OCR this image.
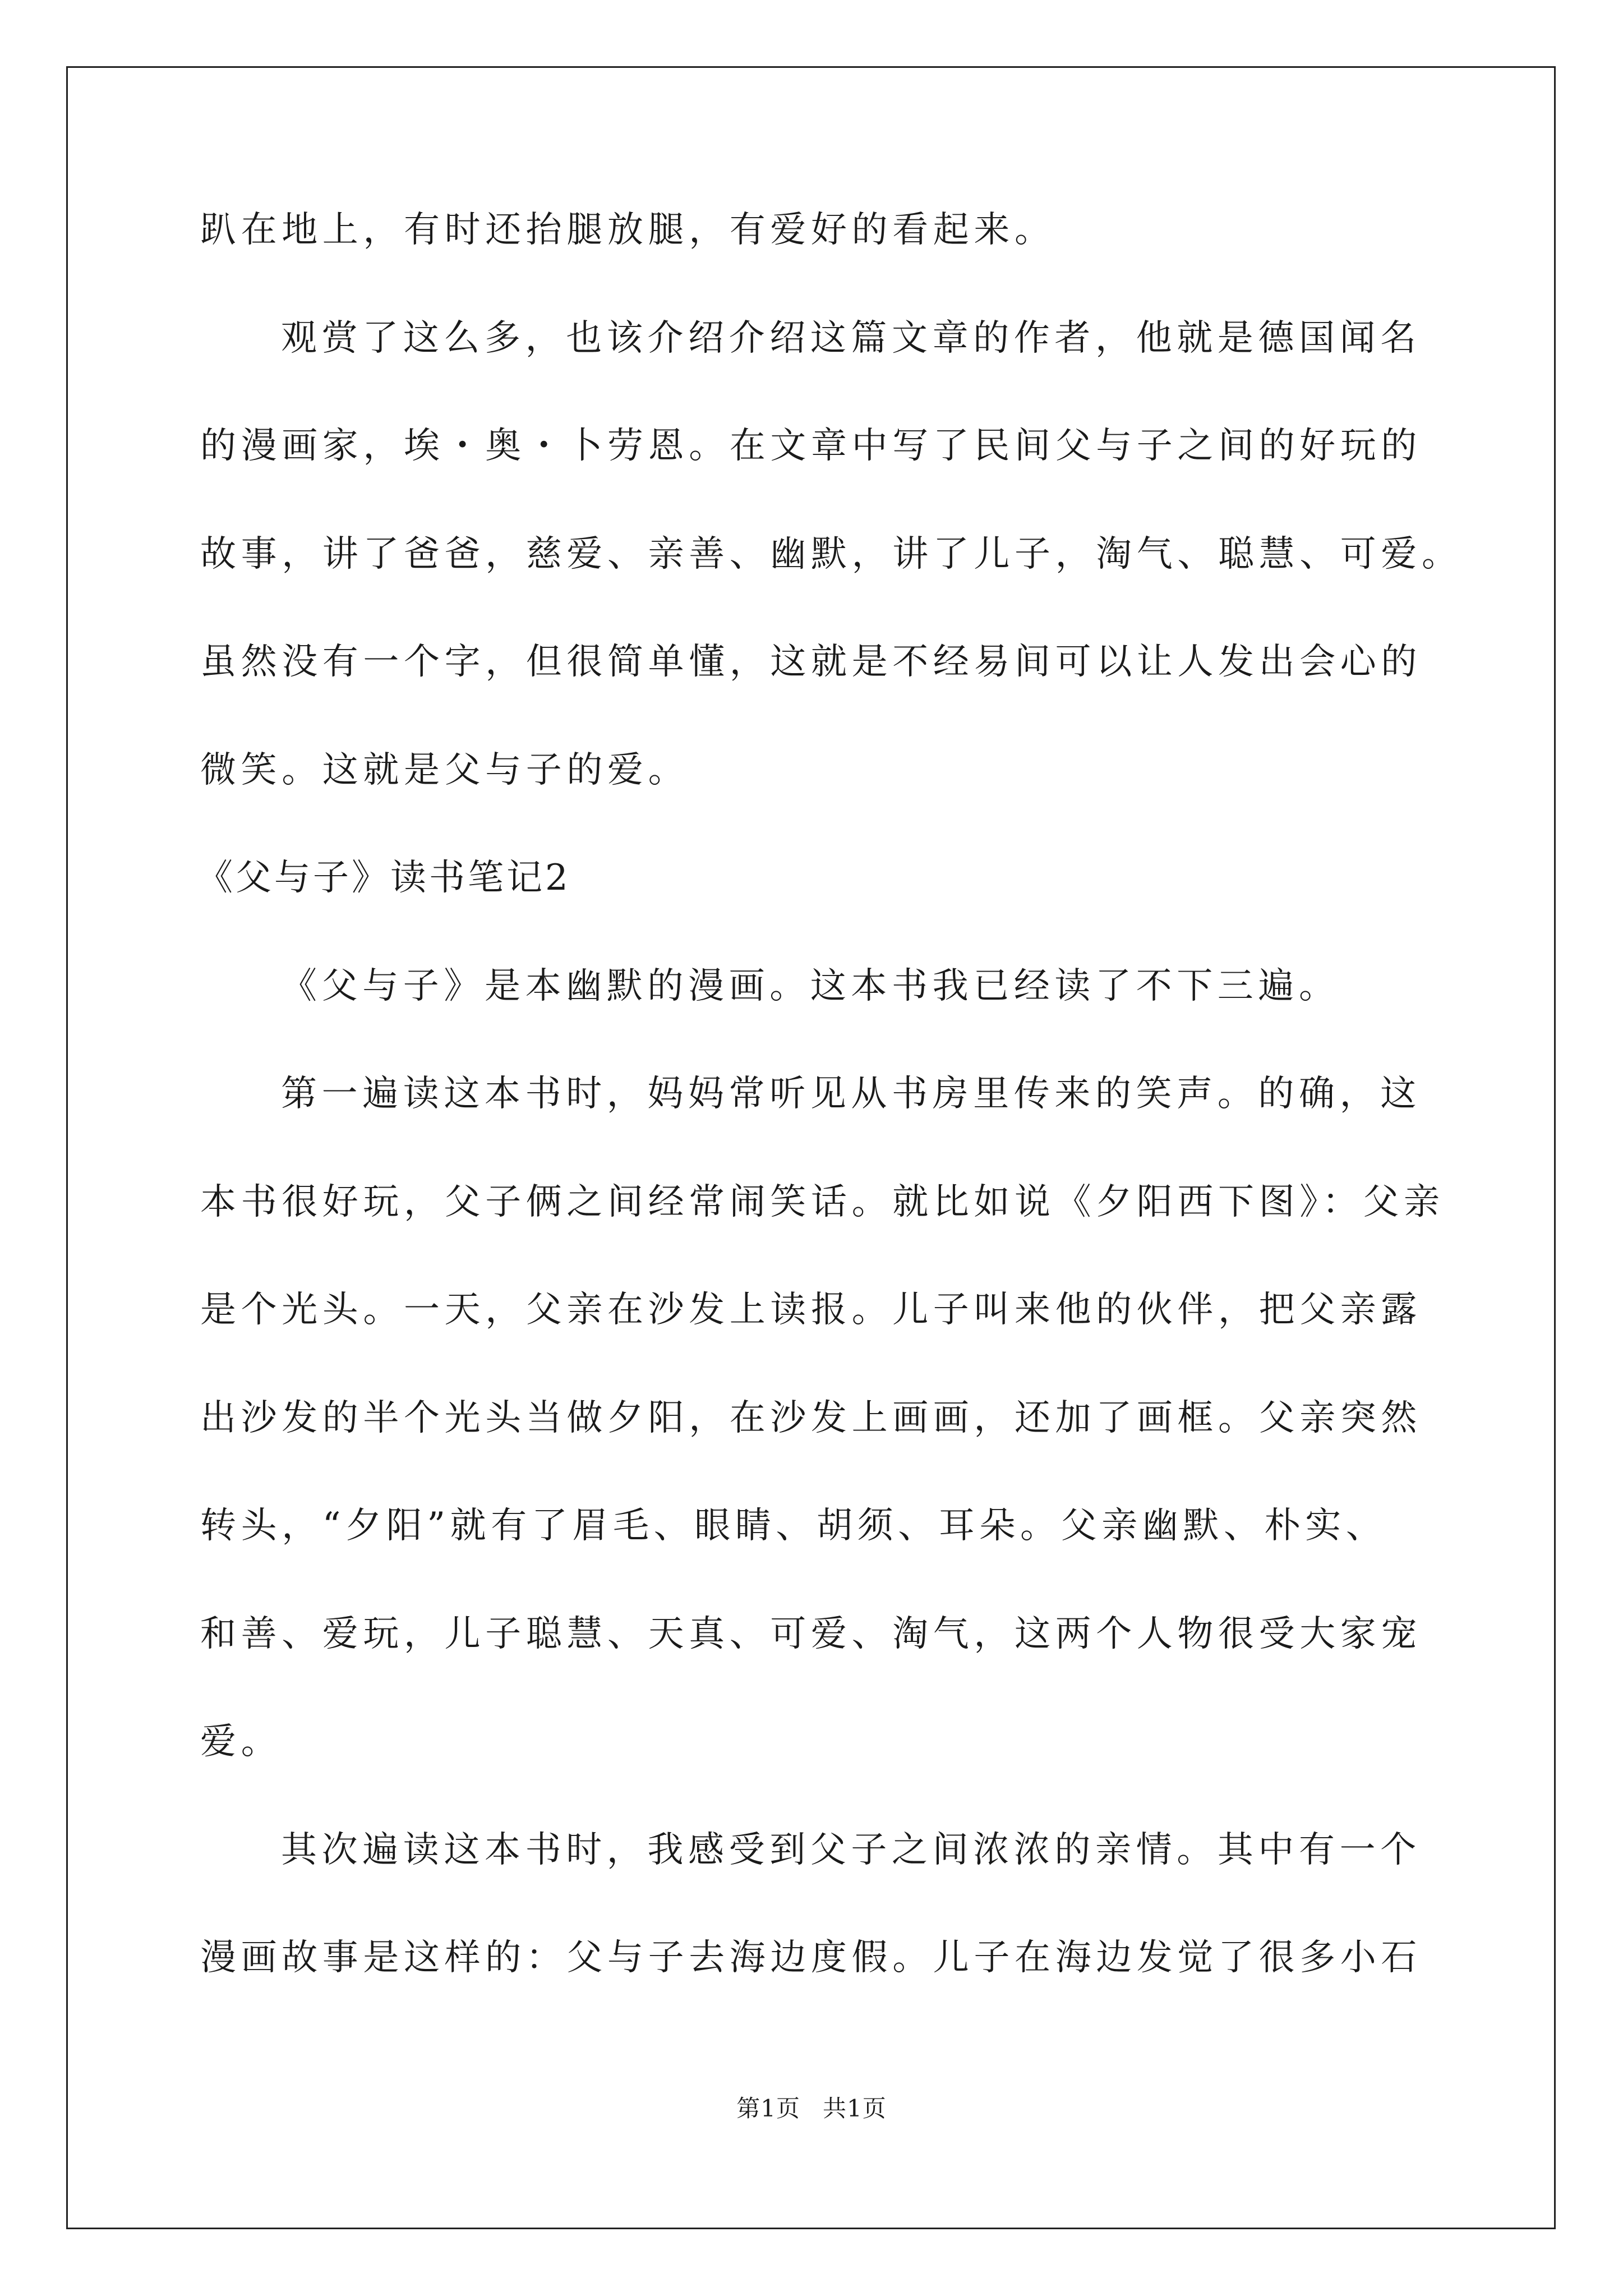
趴在地上，有时还抬腿放腿，有爱好的看起来。
观赏了这么多，也该介绍介绍这篇文章的作者，他就是德国闻名
的漫画家，埃・奥・卜劳恩。在文章中写了民间父与子之间的好玩的
故事，讲了爸爸，慈爱、亲善、幽默，讲了儿子，淘气、聪慧、可爱。
虽然没有一个字，但很简单懂，这就是不经易间可以让人发出会心的
微笑。这就是父与子的爱。
《父与子》读书笔记2
《父与子》是本幽默的漫画。这本书我已经读了不下三遍。
第一遍读这本书时，妈妈常听见从书房里传来的笑声。的确，这
本书很好玩，父子俩之间经常闹笑话。就比如说《夕阳西下图》：父亲
是个光头。一天，父亲在沙发上读报。儿子叫来他的伙伴，把父亲露
出沙发的半个光头当做夕阳，在沙发上画画，还加了画框。父亲突然
转头，“夕阳”就有了眉毛、眼睛、胡须、耳朵。父亲幽默、朴实、
和善、爱玩，儿子聪慧、天真、可爱、淘气，这两个人物很受大家宠
爱。
其次遍读这本书时，我感受到父子之间浓浓的亲情。其中有一个
漫画故事是这样的：父与子去海边度假。儿子在海边发觉了很多小石
第1页 共1页
